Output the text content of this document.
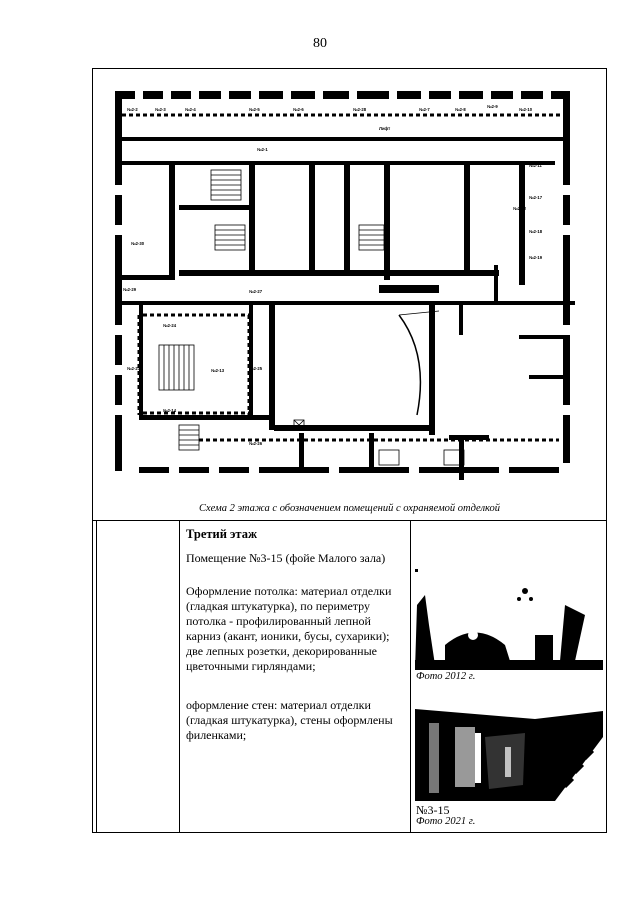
80
№2-2	№2-3	№2-4	№2-5	№2-6	№2-28	№2-7	№2-8
№2-9
№2-10
№2-1
№2-11
№2-12
№2-17
№2-18
№2-19
№2-30
№2-29	№2-27
№2-24
№2-23	№2-25
№2-13
№2-14
№2-26
Лифт
Схема 2 этажа с обозначением помещений с охраняемой отделкой
Третий этаж
Помещение №3-15 (фойе Малого зала)
Оформление потолка: материал отделки (гладкая штукатурка), по периметру потолка - профилированный лепной карниз (акант, ионики, бусы, сухарики); две лепных розетки, декорированные цветочными гирляндами;
оформление стен: материал отделки (гладкая штукатурка), стены оформлены филенками;
Фото 2012 г.
№3-15
Фото 2021 г.
